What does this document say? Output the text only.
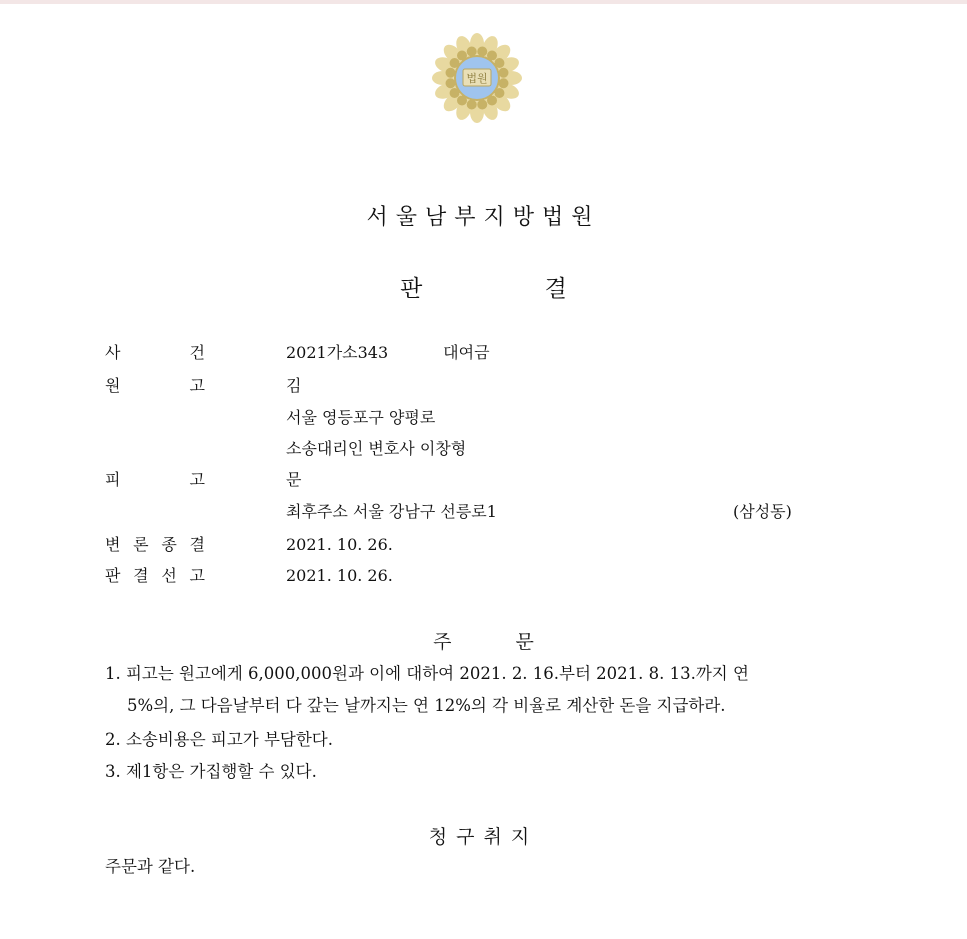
법원
서울남부지방법원
판 결
사	건	2021가소343	대여금
원	고	김
서울 영등포구 양평로
소송대리인 변호사 이창형
피	고	문
최후주소 서울 강남구 선릉로1	(삼성동)
변 론 종 결	2021. 10. 26.
판 결 선 고	2021. 10. 26.
주 문
1. 피고는 원고에게 6,000,000원과 이에 대하여 2021. 2. 16.부터 2021. 8. 13.까지 연
5%의, 그 다음날부터 다 갚는 날까지는 연 12%의 각 비율로 계산한 돈을 지급하라.
2. 소송비용은 피고가 부담한다.
3. 제1항은 가집행할 수 있다.
청구취지
주문과 같다.
